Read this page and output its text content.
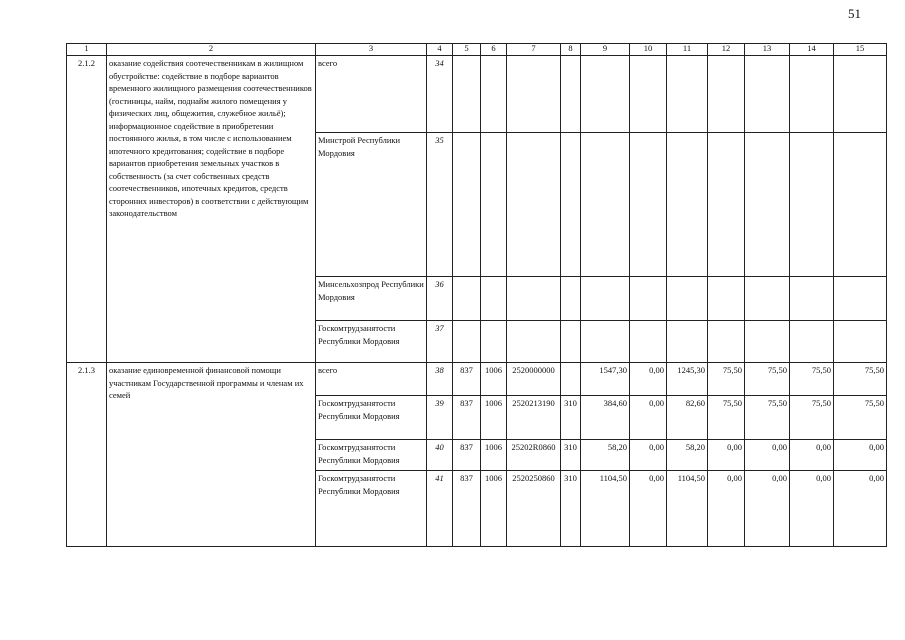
51
1	2	3	4	5	6	7	8	9	10	11	12	13	14	15
2.1.2	оказание содействия соотечественникам в жилищном обустройстве: содействие в подборе вариантов временного жилищного размещения соотечественников (гостиницы, найм, поднайм жилого помещения у физических лиц, общежития, служебное жильё); информационное содействие в приобретении постоянного жилья, в том числе с использованием ипотечного кредитования; содействие в подборе вариантов приобретения земельных участков в собственность (за счет собственных средств соотечественников, ипотечных кредитов, средств сторонних инвесторов) в соответствии с действующим законодательством	всего	34											
		Минстрой Республики Мордовия	35											
		Минсельхозпрод Республики Мордовия	36											
		Госкомтрудзанятости Республики Мордовия	37											
2.1.3	оказание единовременной финансовой помощи участникам Государственной программы и членам их семей	всего	38	837	1006	2520000000		1547,30	0,00	1245,30	75,50	75,50	75,50	75,50
		Госкомтрудзанятости Республики Мордовия	39	837	1006	2520213190	310	384,60	0,00	82,60	75,50	75,50	75,50	75,50
		Госкомтрудзанятости Республики Мордовия	40	837	1006	25202R0860	310	58,20	0,00	58,20	0,00	0,00	0,00	0,00
		Госкомтрудзанятости Республики Мордовия	41	837	1006	2520250860	310	1104,50	0,00	1104,50	0,00	0,00	0,00	0,00
